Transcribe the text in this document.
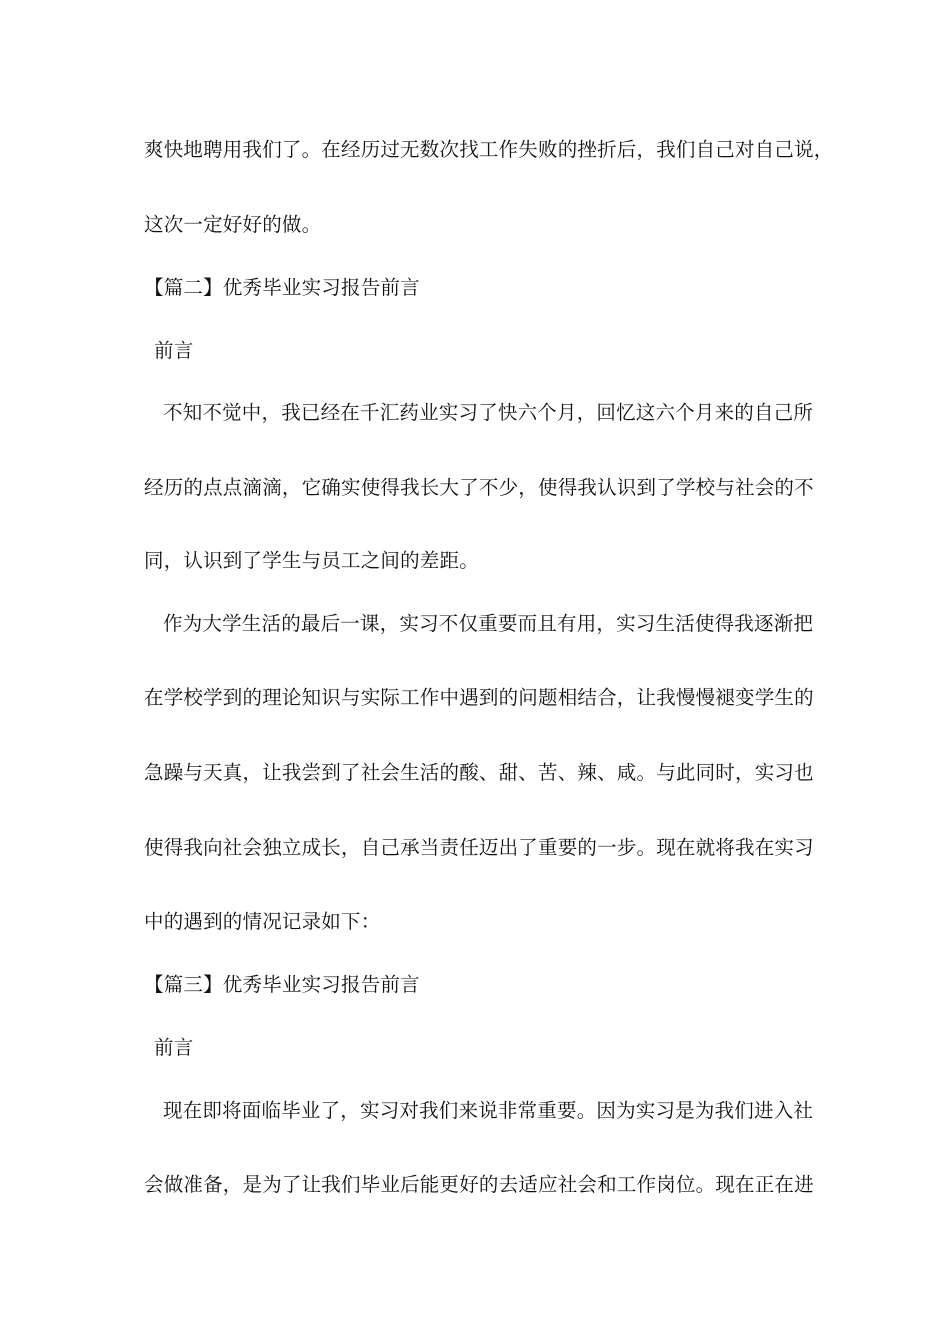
爽快地聘用我们了。在经历过无数次找工作失败的挫折后，我们自己对自己说，
这次一定好好的做。
【篇二】优秀毕业实习报告前言
前言
不知不觉中，我已经在千汇药业实习了快六个月，回忆这六个月来的自己所
经历的点点滴滴，它确实使得我长大了不少，使得我认识到了学校与社会的不
同，认识到了学生与员工之间的差距。
作为大学生活的最后一课，实习不仅重要而且有用，实习生活使得我逐渐把
在学校学到的理论知识与实际工作中遇到的问题相结合，让我慢慢褪变学生的
急躁与天真，让我尝到了社会生活的酸、甜、苦、辣、咸。与此同时，实习也
使得我向社会独立成长，自己承当责任迈出了重要的一步。现在就将我在实习
中的遇到的情况记录如下：
【篇三】优秀毕业实习报告前言
前言
现在即将面临毕业了，实习对我们来说非常重要。因为实习是为我们进入社
会做准备，是为了让我们毕业后能更好的去适应社会和工作岗位。现在正在进
